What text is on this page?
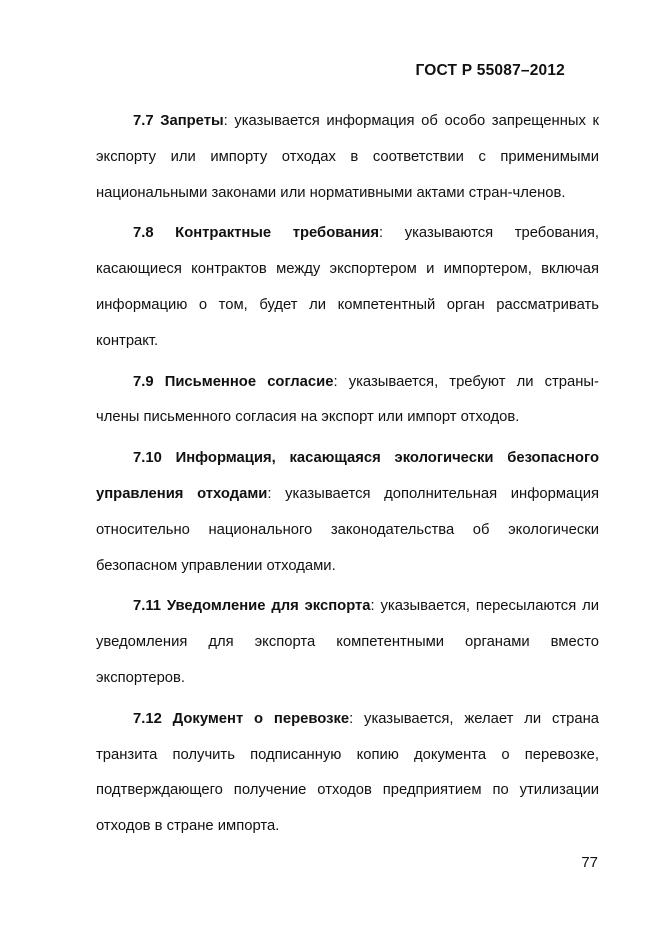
ГОСТ Р 55087–2012

7.7 Запреты: указывается информация об особо запрещенных к экспорту или импорту отходах в соответствии с применимыми национальными законами или нормативными актами стран-членов.

7.8 Контрактные требования: указываются требования, касающиеся контрактов между экспортером и импортером, включая информацию о том, будет ли компетентный орган рассматривать контракт.

7.9 Письменное согласие: указывается, требуют ли страны-члены письменного согласия на экспорт или импорт отходов.

7.10 Информация, касающаяся экологически безопасного управления отходами: указывается дополнительная информация относительно национального законодательства об экологически безопасном управлении отходами.

7.11 Уведомление для экспорта: указывается, пересылаются ли уведомления для экспорта компетентными органами вместо экспортеров.

7.12 Документ о перевозке: указывается, желает ли страна транзита получить подписанную копию документа о перевозке, подтверждающего получение отходов предприятием по утилизации отходов в стране импорта.

77
